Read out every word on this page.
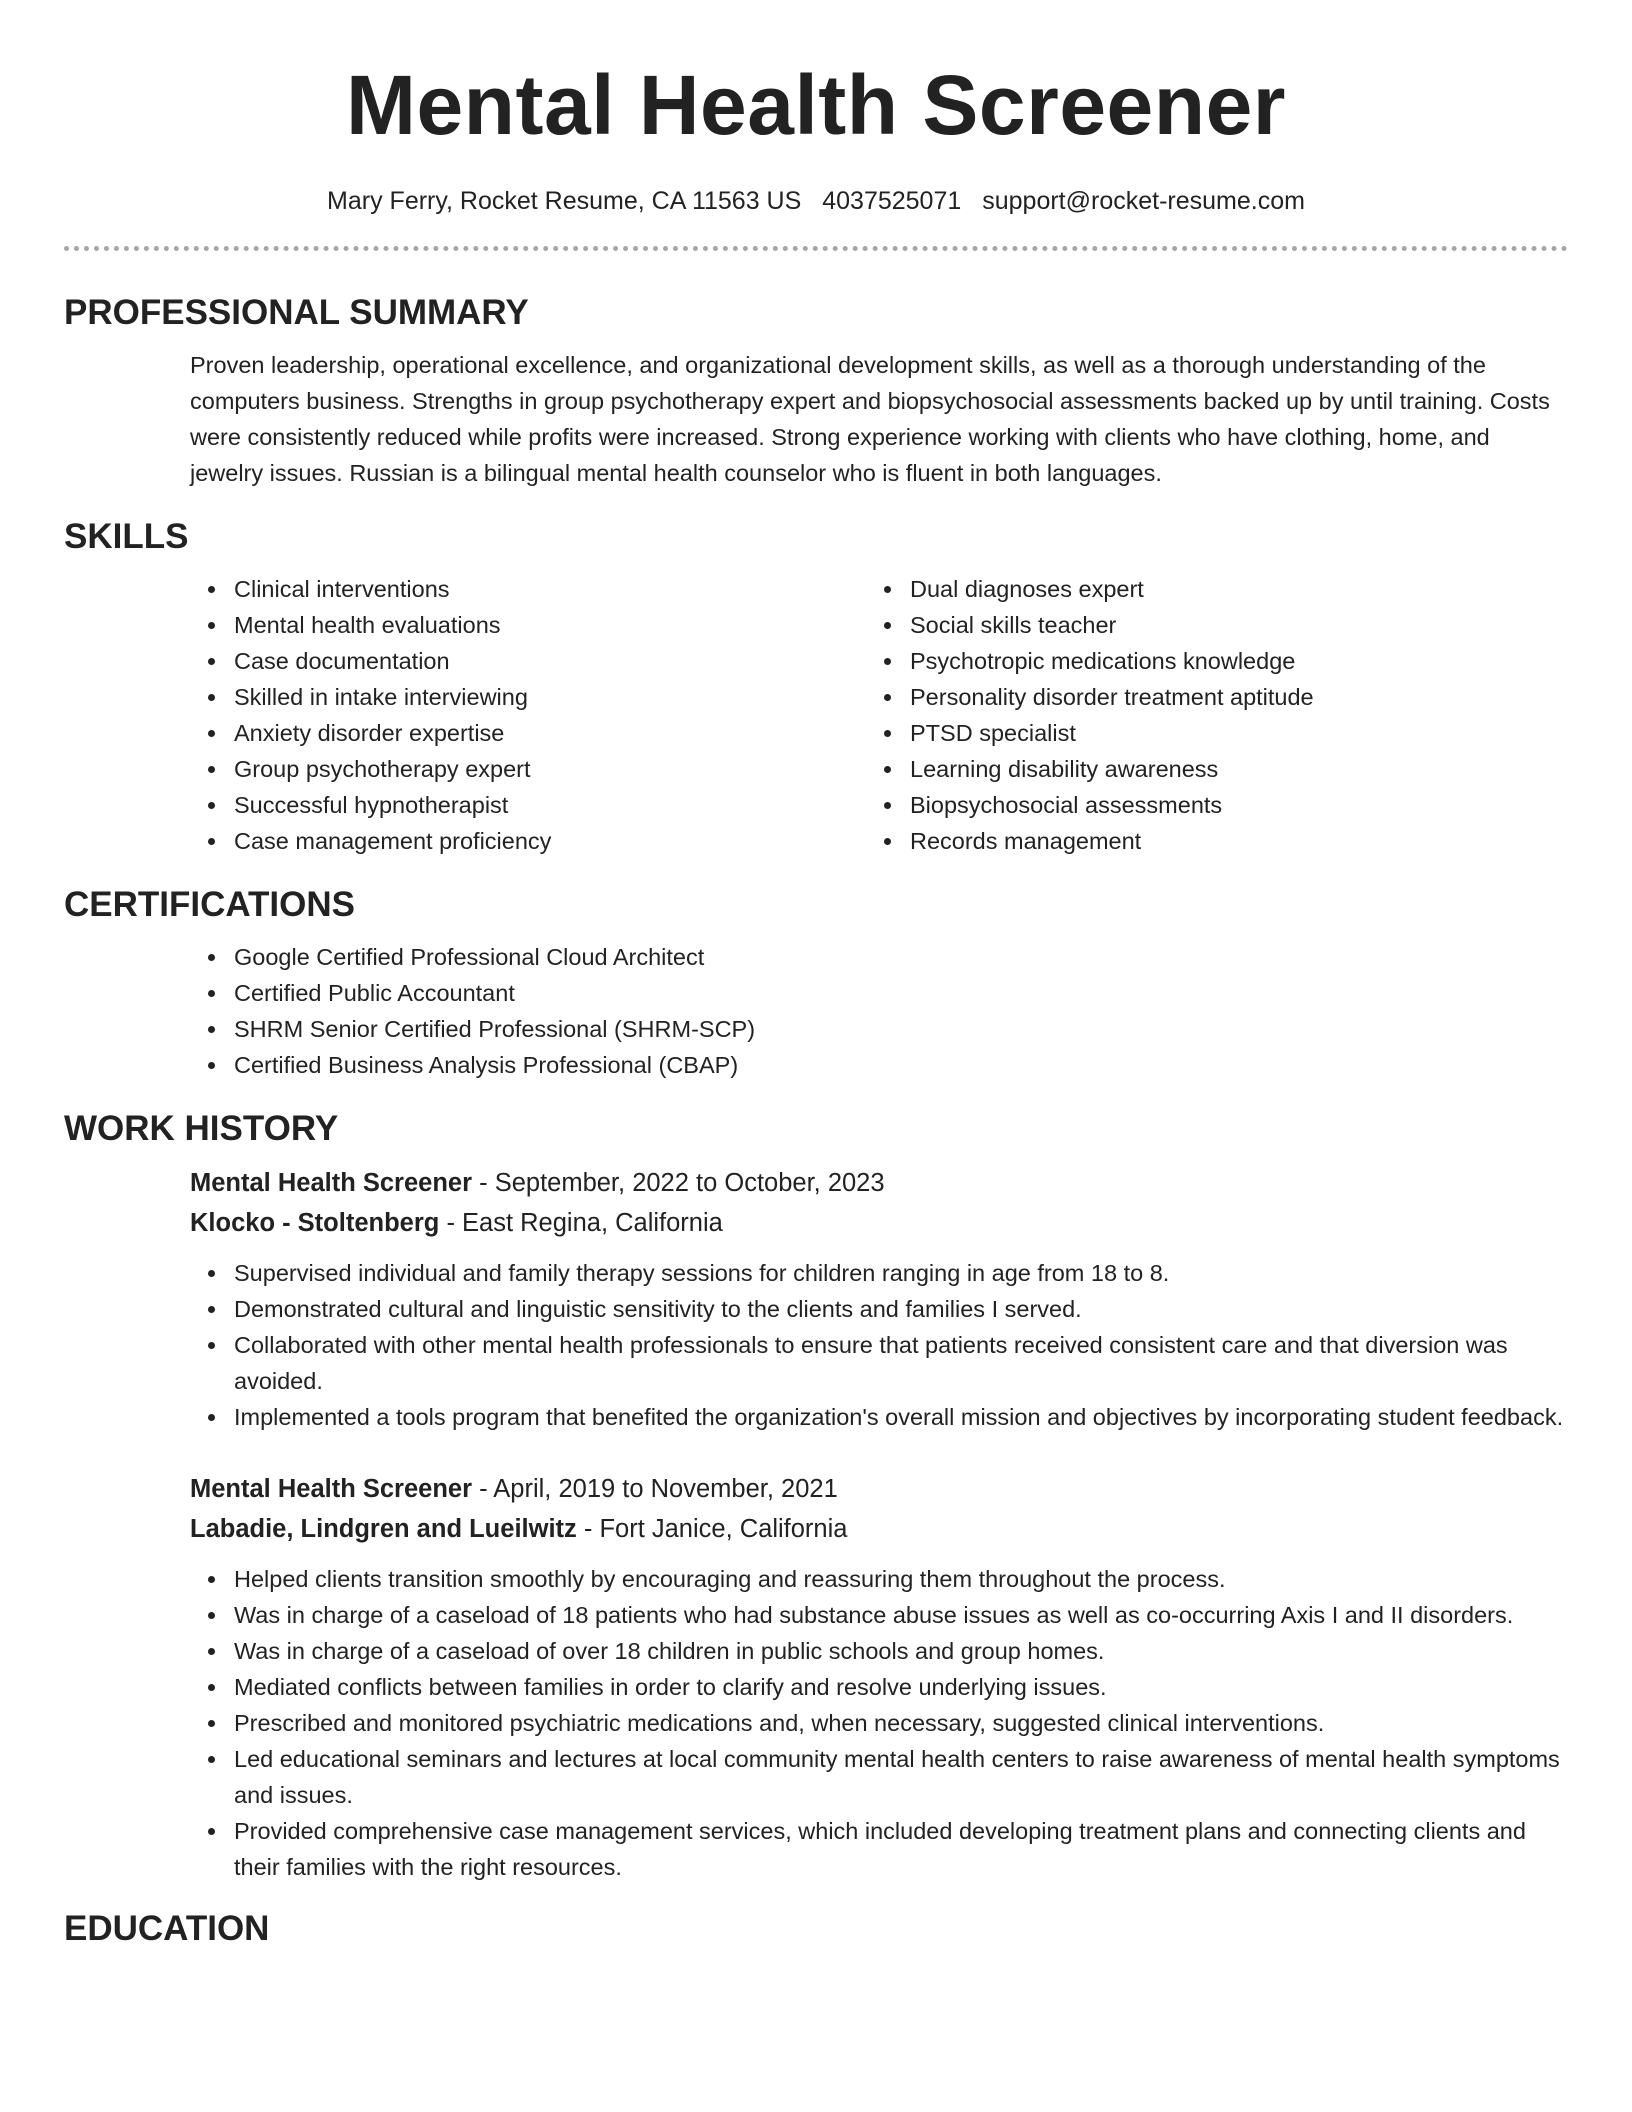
Mental Health Screener
Mary Ferry, Rocket Resume, CA 11563 US 4037525071 support@rocket-resume.com
PROFESSIONAL SUMMARY

Proven leadership, operational excellence, and organizational development skills, as well as a thorough understanding of the computers business. Strengths in group psychotherapy expert and biopsychosocial assessments backed up by until training. Costs were consistently reduced while profits were increased. Strong experience working with clients who have clothing, home, and jewelry issues. Russian is a bilingual mental health counselor who is fluent in both languages.

SKILLS
Clinical interventions
Mental health evaluations
Case documentation
Skilled in intake interviewing
Anxiety disorder expertise
Group psychotherapy expert
Successful hypnotherapist
Case management proficiency
Dual diagnoses expert
Social skills teacher
Psychotropic medications knowledge
Personality disorder treatment aptitude
PTSD specialist
Learning disability awareness
Biopsychosocial assessments
Records management
CERTIFICATIONS
Google Certified Professional Cloud Architect
Certified Public Accountant
SHRM Senior Certified Professional (SHRM-SCP)
Certified Business Analysis Professional (CBAP)
WORK HISTORY
Mental Health Screener - September, 2022 to October, 2023
Klocko - Stoltenberg - East Regina, California
Supervised individual and family therapy sessions for children ranging in age from 18 to 8.
Demonstrated cultural and linguistic sensitivity to the clients and families I served.
Collaborated with other mental health professionals to ensure that patients received consistent care and that diversion was avoided.
Implemented a tools program that benefited the organization's overall mission and objectives by incorporating student feedback.
Mental Health Screener - April, 2019 to November, 2021
Labadie, Lindgren and Lueilwitz - Fort Janice, California
Helped clients transition smoothly by encouraging and reassuring them throughout the process.
Was in charge of a caseload of 18 patients who had substance abuse issues as well as co-occurring Axis I and II disorders.
Was in charge of a caseload of over 18 children in public schools and group homes.
Mediated conflicts between families in order to clarify and resolve underlying issues.
Prescribed and monitored psychiatric medications and, when necessary, suggested clinical interventions.
Led educational seminars and lectures at local community mental health centers to raise awareness of mental health symptoms and issues.
Provided comprehensive case management services, which included developing treatment plans and connecting clients and their families with the right resources.
EDUCATION
